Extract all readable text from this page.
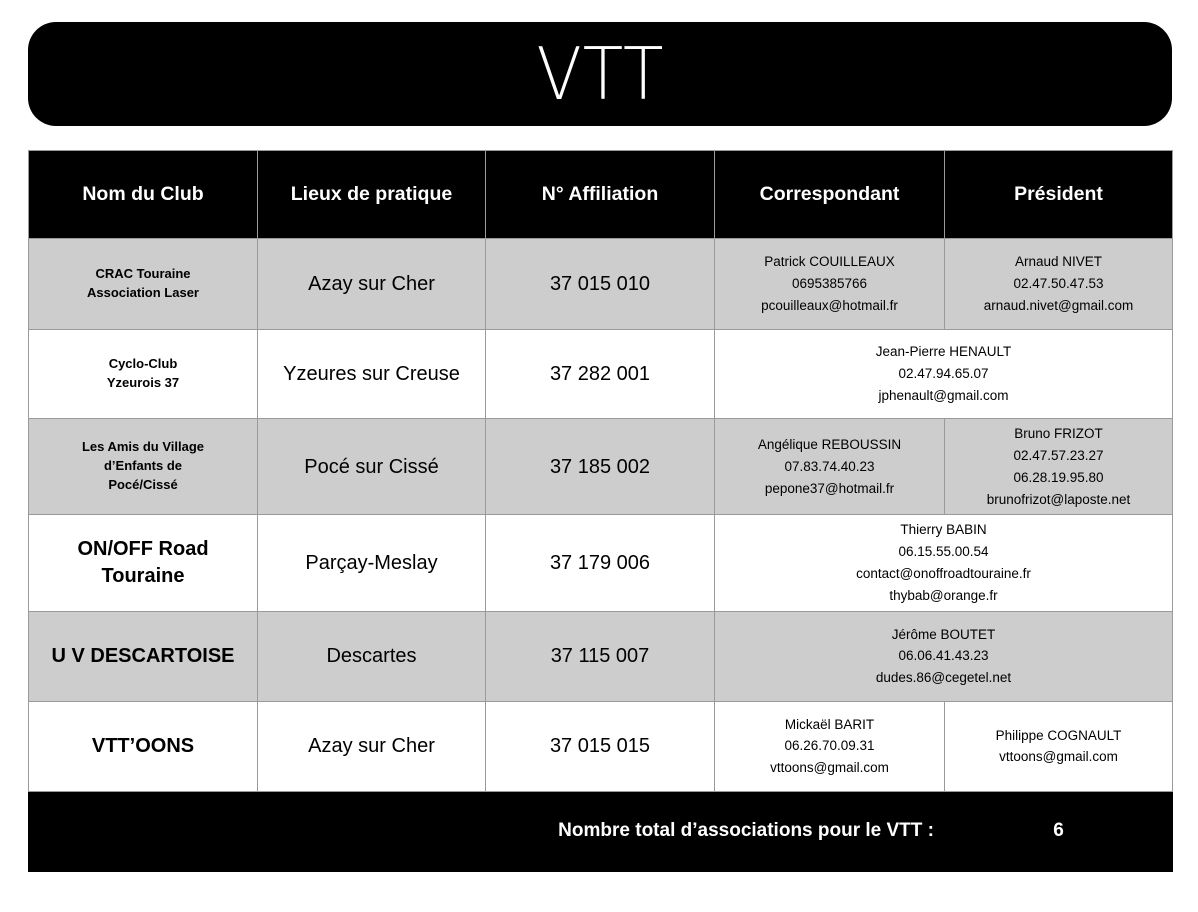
VTT
Nom du Club	Lieux de pratique	N° Affiliation	Correspondant	Président

CRAC Touraine
Association Laser	Azay sur Cher	37 015 010	Patrick COUILLEAUX
0695385766
pcouilleaux@hotmail.fr	Arnaud NIVET
02.47.50.47.53
arnaud.nivet@gmail.com

Cyclo-Club
Yzeurois 37	Yzeures sur Creuse	37 282 001	Jean-Pierre HENAULT
02.47.94.65.07
jphenault@gmail.com	

Les Amis du Village
d’Enfants de
Pocé/Cissé	Pocé sur Cissé	37 185 002	Angélique REBOUSSIN
07.83.74.40.23
pepone37@hotmail.fr	Bruno FRIZOT
02.47.57.23.27
06.28.19.95.80
brunofrizot@laposte.net

ON/OFF Road
Touraine	Parçay-Meslay	37 179 006	Thierry BABIN
06.15.55.00.54
contact@onoffroadtouraine.fr
thybab@orange.fr	

U V DESCARTOISE	Descartes	37 115 007	Jérôme BOUTET
06.06.41.43.23
dudes.86@cegetel.net	

VTT’OONS	Azay sur Cher	37 015 015	Mickaël BARIT
06.26.70.09.31
vttoons@gmail.com	Philippe COGNAULT
vttoons@gmail.com

Nombre total d’associations pour le VTT :				6
